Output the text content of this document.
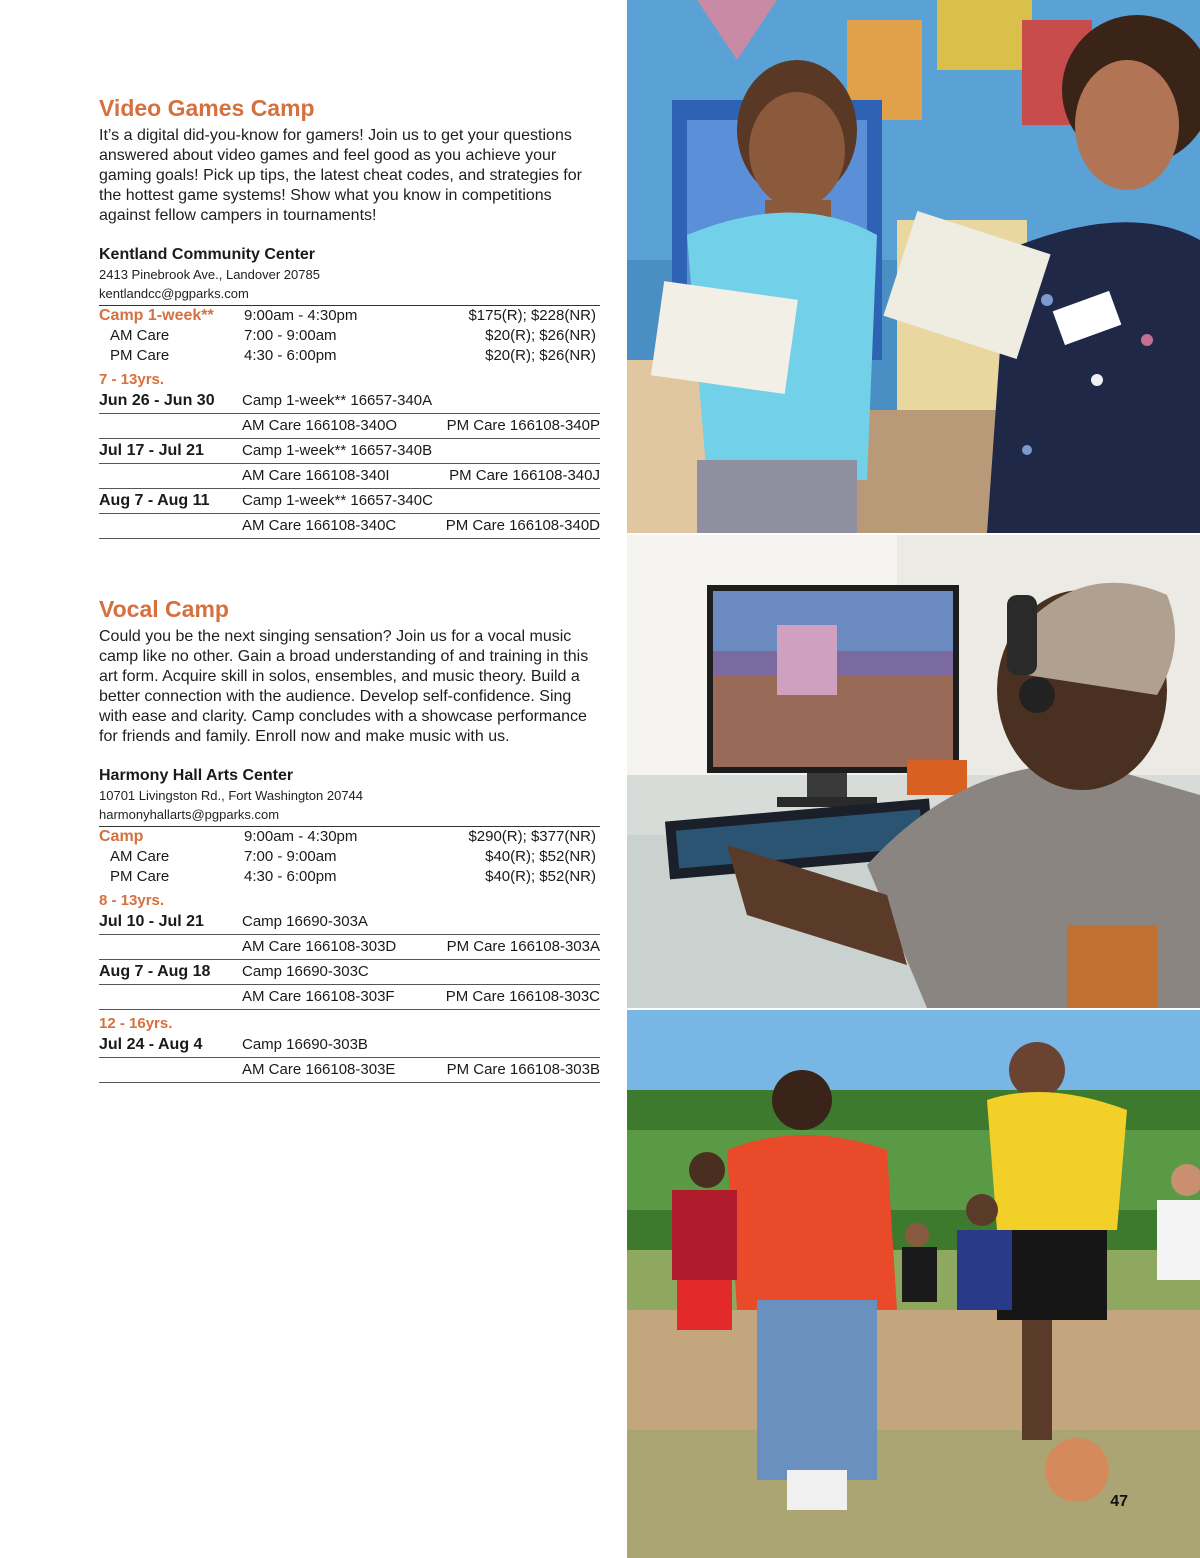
Video Games Camp

It’s a digital did-you-know for gamers! Join us to get your questions answered about video games and feel good as you achieve your gaming goals! Pick up tips, the latest cheat codes, and strategies for the hottest game systems! Show what you know in competitions against fellow campers in tournaments!

Kentland Community Center
2413 Pinebrook Ave., Landover 20785
kentlandcc@pgparks.com
Camp 1-week**	9:00am - 4:30pm	$175(R); $228(NR)
AM Care	7:00 - 9:00am	$20(R); $26(NR)
PM Care	4:30 - 6:00pm	$20(R); $26(NR)
7 - 13yrs.
Jun 26 - Jun 30	Camp 1-week** 16657-340A
AM Care 166108-340O	PM Care 166108-340P
Jul 17 - Jul 21	Camp 1-week** 16657-340B
AM Care 166108-340I	PM Care 166108-340J
Aug 7 - Aug 11	Camp 1-week** 16657-340C
AM Care 166108-340C	PM Care 166108-340D
Vocal Camp

Could you be the next singing sensation? Join us for a vocal music camp like no other. Gain a broad understanding of and training in this art form. Acquire skill in solos, ensembles, and music theory. Build a better connection with the audience. Develop self-confidence. Sing with ease and clarity. Camp concludes with a showcase performance for friends and family. Enroll now and make music with us.

Harmony Hall Arts Center
10701 Livingston Rd., Fort Washington 20744
harmonyhallarts@pgparks.com
Camp	9:00am - 4:30pm	$290(R); $377(NR)
AM Care	7:00 - 9:00am	$40(R); $52(NR)
PM Care	4:30 - 6:00pm	$40(R); $52(NR)
8 - 13yrs.
Jul 10 - Jul 21	Camp 16690-303A
AM Care 166108-303D	PM Care 166108-303A
Aug 7 - Aug 18	Camp 16690-303C
AM Care 166108-303F	PM Care 166108-303C
12 - 16yrs.
Jul 24 - Aug 4	Camp 16690-303B
AM Care 166108-303E	PM Care 166108-303B
47
